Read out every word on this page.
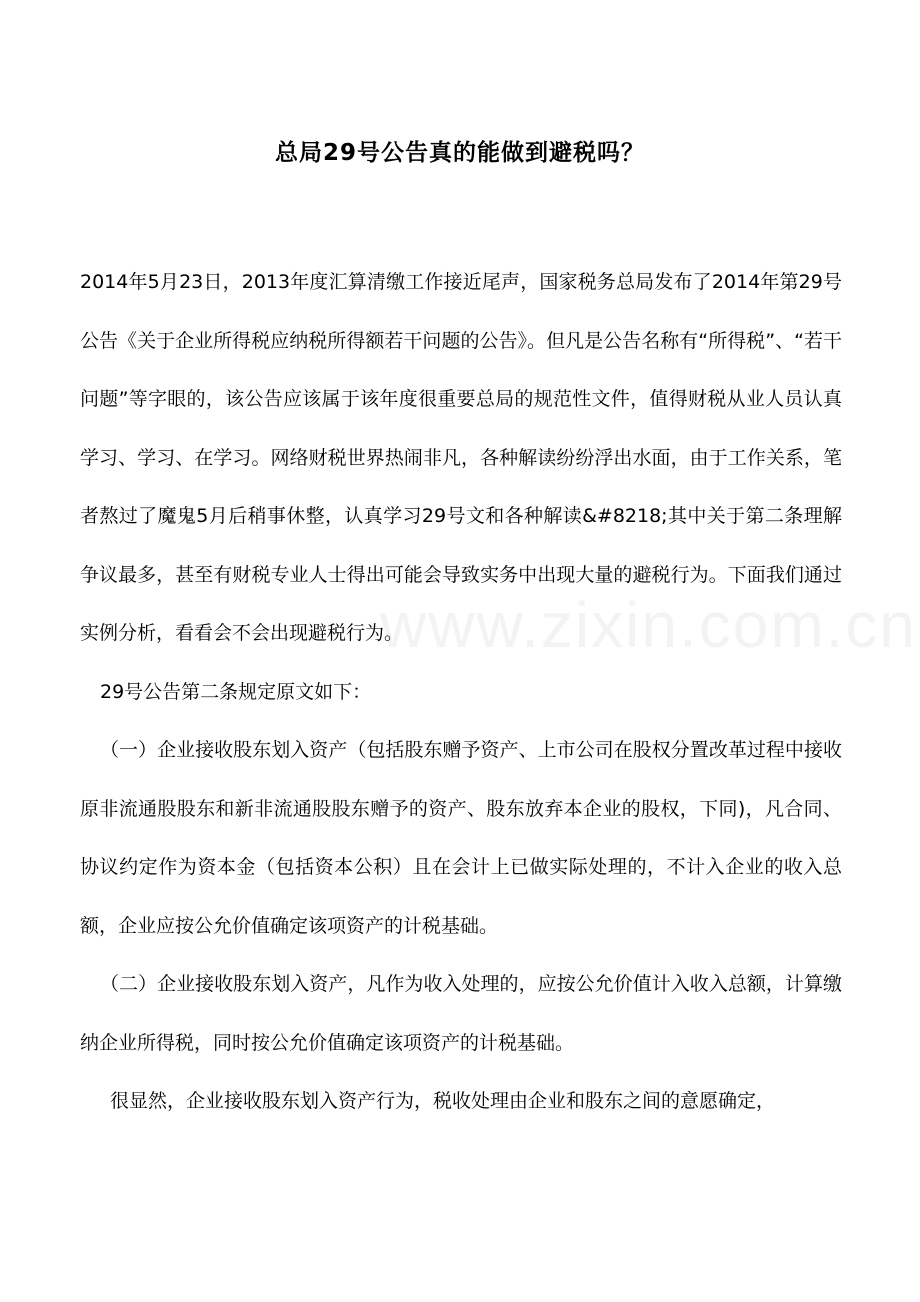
www.zixin.com.cn
总局29号公告真的能做到避税吗？

2014年5月23日，2013年度汇算清缴工作接近尾声，国家税务总局发布了2014年第29号公告《关于企业所得税应纳税所得额若干问题的公告》。但凡是公告名称有“所得税”、“若干问题”等字眼的，该公告应该属于该年度很重要总局的规范性文件，值得财税从业人员认真学习、学习、在学习。网络财税世界热闹非凡，各种解读纷纷浮出水面，由于工作关系，笔者熬过了魔鬼5月后稍事休整，认真学习29号文和各种解读&#8218;其中关于第二条理解争议最多，甚至有财税专业人士得出可能会导致实务中出现大量的避税行为。下面我们通过实例分析，看看会不会出现避税行为。

29号公告第二条规定原文如下：

（一）企业接收股东划入资产（包括股东赠予资产、上市公司在股权分置改革过程中接收原非流通股股东和新非流通股股东赠予的资产、股东放弃本企业的股权，下同)，凡合同、协议约定作为资本金（包括资本公积）且在会计上已做实际处理的，不计入企业的收入总额，企业应按公允价值确定该项资产的计税基础。

（二）企业接收股东划入资产，凡作为收入处理的，应按公允价值计入收入总额，计算缴纳企业所得税，同时按公允价值确定该项资产的计税基础。

很显然，企业接收股东划入资产行为，税收处理由企业和股东之间的意愿确定，
